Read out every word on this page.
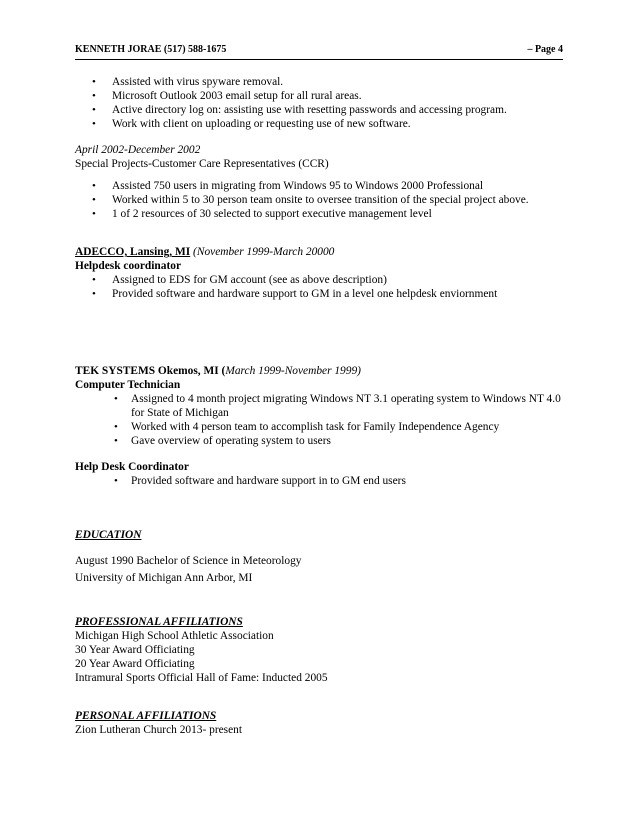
KENNETH JORAE (517) 588-1675	– Page 4
• Assisted with virus spyware removal.
• Microsoft Outlook 2003 email setup for all rural areas.
• Active directory log on: assisting use with resetting passwords and accessing program.
• Work with client on uploading or requesting use of new software.
April 2002-December 2002
Special Projects-Customer Care Representatives (CCR)
• Assisted 750 users in migrating from Windows 95 to Windows 2000 Professional
• Worked within 5 to 30 person team onsite to oversee transition of the special project above.
• 1 of 2 resources of 30 selected to support executive management level
ADECCO, Lansing, MI (November 1999-March 20000
Helpdesk coordinator
• Assigned to EDS for GM account (see as above description)
• Provided software and hardware support to GM in a level one helpdesk enviornment
TEK SYSTEMS Okemos, MI (March 1999-November 1999)
Computer Technician
• Assigned to 4 month project migrating Windows NT 3.1 operating system to Windows NT 4.0 for State of Michigan
• Worked with 4 person team to accomplish task for Family Independence Agency
• Gave overview of operating system to users
Help Desk Coordinator
• Provided software and hardware support in to GM end users
EDUCATION
August 1990 Bachelor of Science in Meteorology
University of Michigan Ann Arbor, MI
PROFESSIONAL AFFILIATIONS
Michigan High School Athletic Association
30 Year Award Officiating
20 Year Award Officiating
Intramural Sports Official Hall of Fame: Inducted 2005
PERSONAL AFFILIATIONS
Zion Lutheran Church 2013- present
